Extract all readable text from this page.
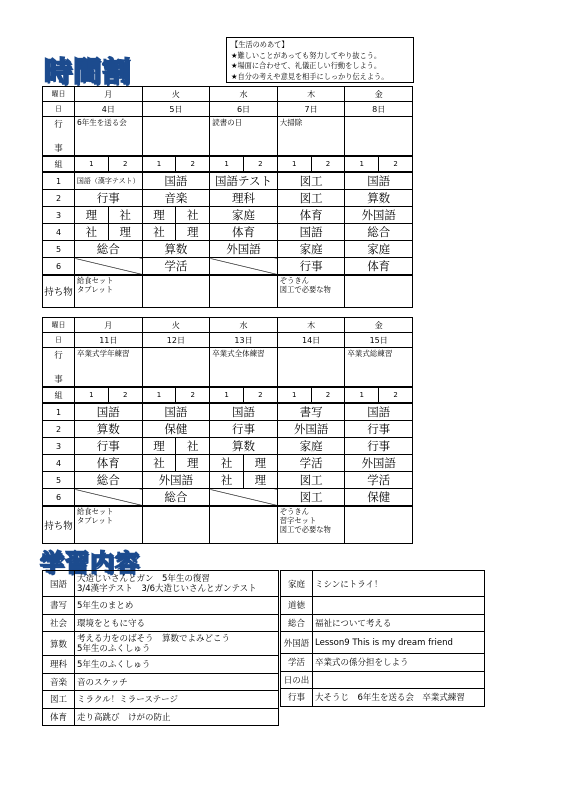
時間割
【生活のめあて】
★難しいことがあっても努力してやり抜こう。
★場面に合わせて、礼儀正しい行動をしよう。
★自分の考えや意見を相手にしっかり伝えよう。
曜日	月		火		水		木		金	
日	4日		5日		6日		7日		8日	
行

事	6年生を送る会				読書の日		大掃除			
組	1	2	1	2	1	2	1	2	1	2
1	国語（漢字テスト）		国語		国語テスト		図工		国語	
2	行事		音楽		理科		図工		算数	
3	理	社	理	社	家庭		体育		外国語	
4	社	理	社	理	体育		国語		総合	
5	総合		算数		外国語		家庭		家庭	
6			学活				行事		体育	
持ち物	給食セット
タブレット						ぞうきん
図工で必要な物			
曜日	月		火		水		木		金	
日	11日		12日		13日		14日		15日	
行

事	卒業式学年練習				卒業式全体練習				卒業式総練習	
組	1	2	1	2	1	2	1	2	1	2
1	国語		国語		国語		書写		国語	
2	算数		保健		行事		外国語		行事	
3	行事		理	社	算数		家庭		行事	
4	体育		社	理	社	理	学活		外国語	
5	総合		外国語		社	理	図工		学活	
6			総合				図工		保健	
持ち物	給食セット
タブレット						ぞうきん
習字セット
図工で必要な物			
学習内容
国語	大造じいさんとガン　5年生の復習
3/4漢字テスト　3/6大造じいさんとガンテスト
書写	5年生のまとめ
社会	環境をともに守る
算数	考える力をのばそう　算数でよみどこう
5年生のふくしゅう
理科	5年生のふくしゅう
音楽	音のスケッチ
図工	ミラクル！ミラーステージ
体育	走り高跳び　けがの防止
家庭	ミシンにトライ！
道徳	
総合	福祉について考える
外国語	Lesson9 This is my dream friend
学活	卒業式の係分担をしよう
日の出	
行事	大そうじ　6年生を送る会　卒業式練習
